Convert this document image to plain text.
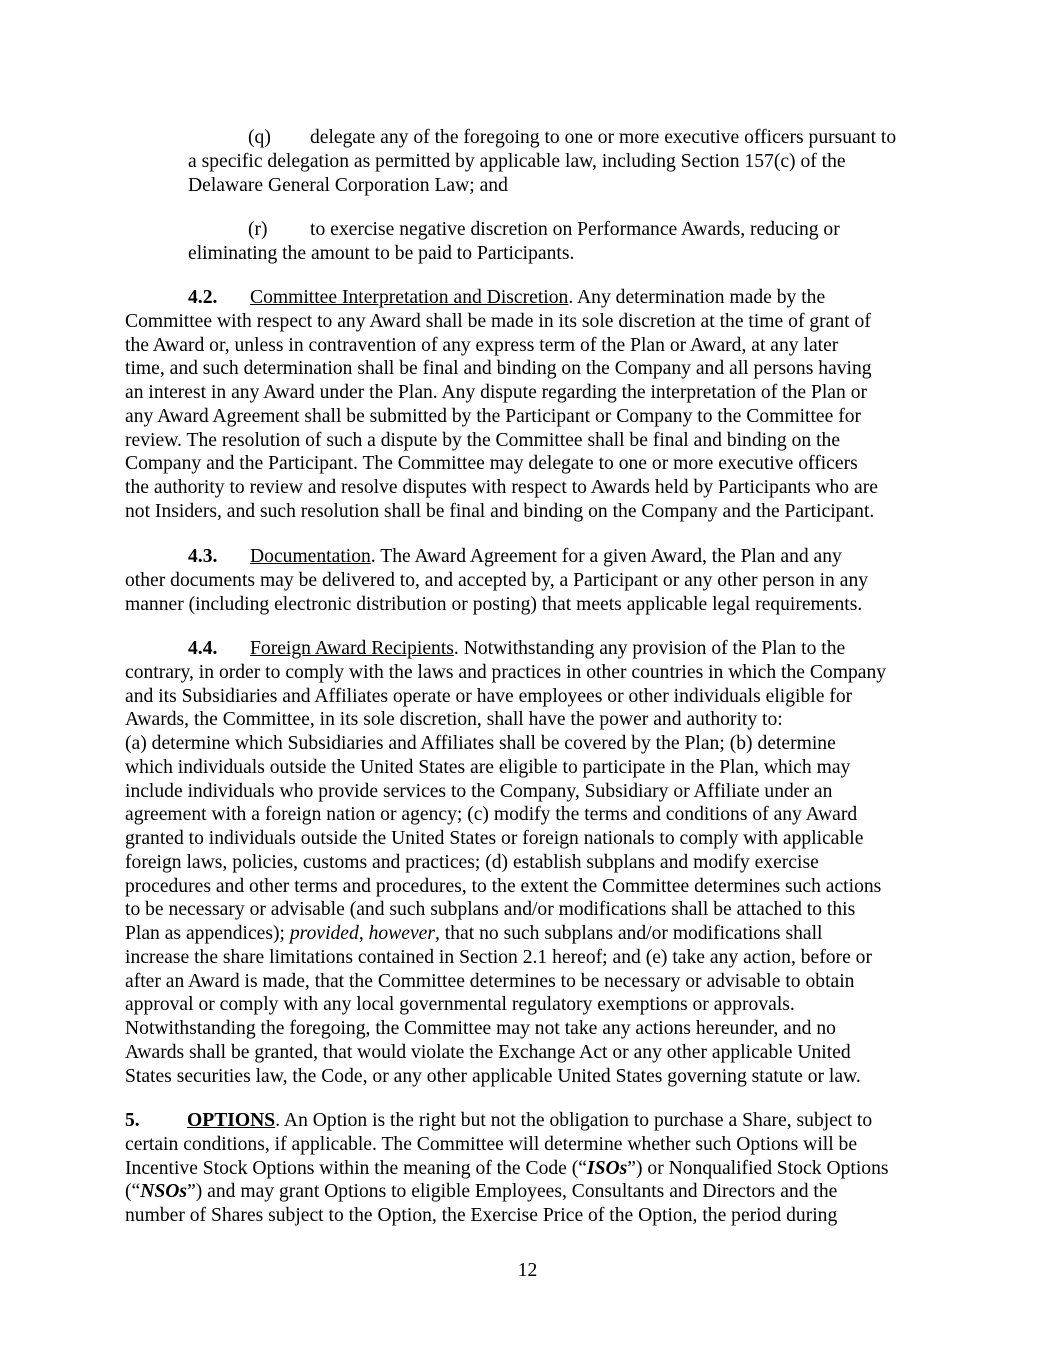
(q) delegate any of the foregoing to one or more executive officers pursuant to
a specific delegation as permitted by applicable law, including Section 157(c) of the
Delaware General Corporation Law; and
(r) to exercise negative discretion on Performance Awards, reducing or
eliminating the amount to be paid to Participants.
4.2. Committee Interpretation and Discretion. Any determination made by the
Committee with respect to any Award shall be made in its sole discretion at the time of grant of
the Award or, unless in contravention of any express term of the Plan or Award, at any later
time, and such determination shall be final and binding on the Company and all persons having
an interest in any Award under the Plan. Any dispute regarding the interpretation of the Plan or
any Award Agreement shall be submitted by the Participant or Company to the Committee for
review. The resolution of such a dispute by the Committee shall be final and binding on the
Company and the Participant. The Committee may delegate to one or more executive officers
the authority to review and resolve disputes with respect to Awards held by Participants who are
not Insiders, and such resolution shall be final and binding on the Company and the Participant.
4.3. Documentation. The Award Agreement for a given Award, the Plan and any
other documents may be delivered to, and accepted by, a Participant or any other person in any
manner (including electronic distribution or posting) that meets applicable legal requirements.
4.4. Foreign Award Recipients. Notwithstanding any provision of the Plan to the
contrary, in order to comply with the laws and practices in other countries in which the Company
and its Subsidiaries and Affiliates operate or have employees or other individuals eligible for
Awards, the Committee, in its sole discretion, shall have the power and authority to:
(a) determine which Subsidiaries and Affiliates shall be covered by the Plan; (b) determine
which individuals outside the United States are eligible to participate in the Plan, which may
include individuals who provide services to the Company, Subsidiary or Affiliate under an
agreement with a foreign nation or agency; (c) modify the terms and conditions of any Award
granted to individuals outside the United States or foreign nationals to comply with applicable
foreign laws, policies, customs and practices; (d) establish subplans and modify exercise
procedures and other terms and procedures, to the extent the Committee determines such actions
to be necessary or advisable (and such subplans and/or modifications shall be attached to this
Plan as appendices); provided, however, that no such subplans and/or modifications shall
increase the share limitations contained in Section 2.1 hereof; and (e) take any action, before or
after an Award is made, that the Committee determines to be necessary or advisable to obtain
approval or comply with any local governmental regulatory exemptions or approvals.
Notwithstanding the foregoing, the Committee may not take any actions hereunder, and no
Awards shall be granted, that would violate the Exchange Act or any other applicable United
States securities law, the Code, or any other applicable United States governing statute or law.
5. OPTIONS. An Option is the right but not the obligation to purchase a Share, subject to
certain conditions, if applicable. The Committee will determine whether such Options will be
Incentive Stock Options within the meaning of the Code (“ISOs”) or Nonqualified Stock Options
(“NSOs”) and may grant Options to eligible Employees, Consultants and Directors and the
number of Shares subject to the Option, the Exercise Price of the Option, the period during
12
